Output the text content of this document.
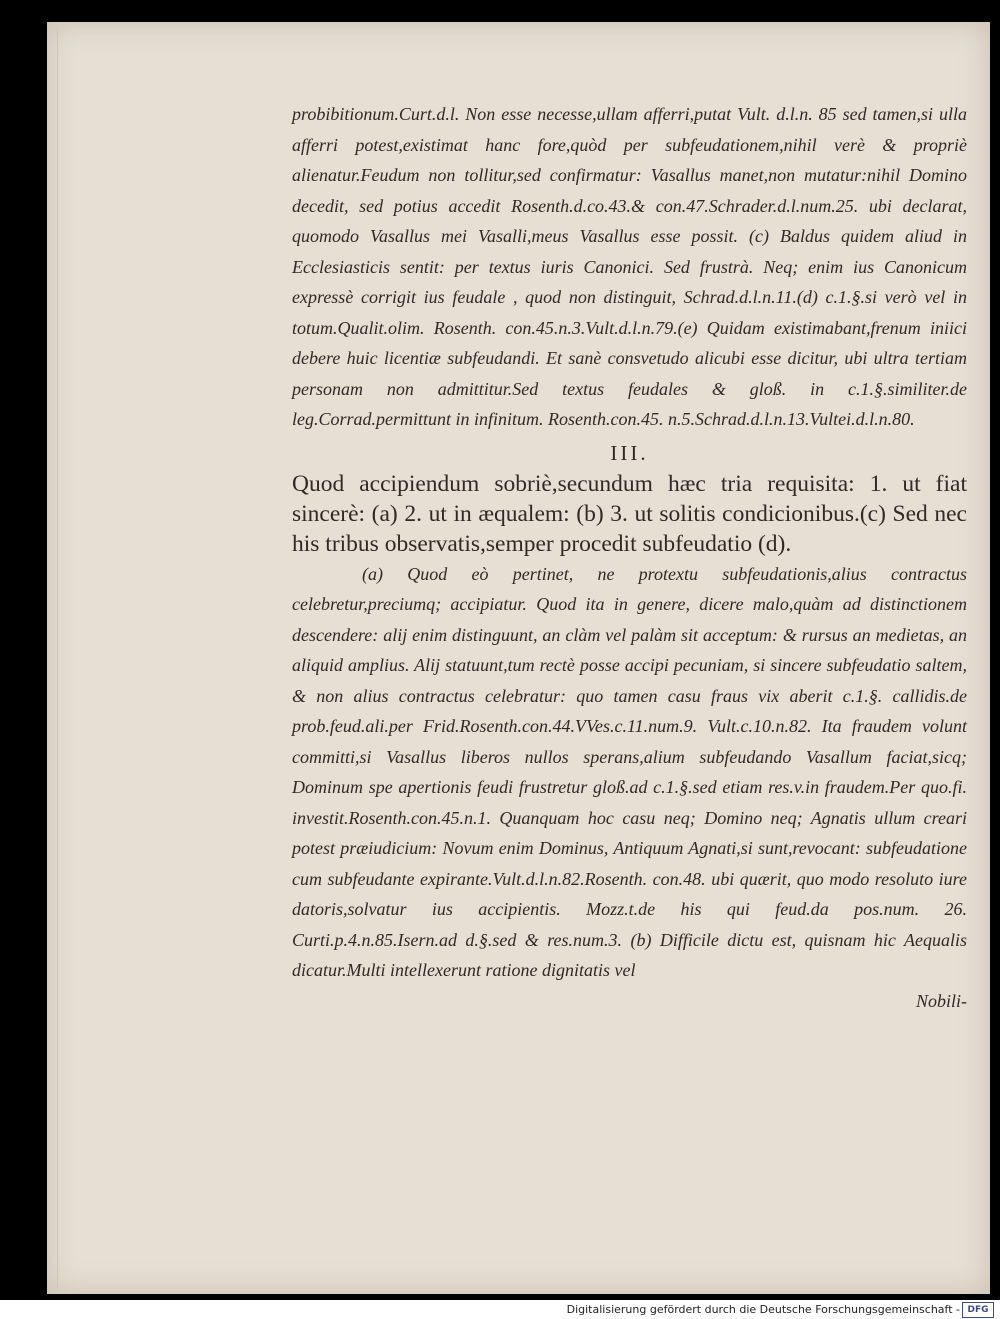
probibitionum.Curt.d.l. Non esse necesse,ullam afferri,putat Vult. d.l.n. 85 sed tamen,si ulla afferri potest,existimat hanc fore,quòd per subfeudationem,nihil verè & propriè alienatur.Feudum non tollitur,sed confirmatur: Vasallus manet,non mutatur:nihil Domino decedit, sed potius accedit Rosenth.d.co.43.& con.47.Schrader.d.l.num.25. ubi declarat, quomodo Vasallus mei Vasalli,meus Vasallus esse possit. (c) Baldus quidem aliud in Ecclesiasticis sentit: per textus iuris Canonici. Sed frustrà. Neq; enim ius Canonicum expressè corrigit ius feudale , quod non distinguit, Schrad.d.l.n.11.(d) c.1.§.si verò vel in totum.Qualit.olim. Rosenth. con.45.n.3.Vult.d.l.n.79.(e) Quidam existimabant,frenum iniici debere huic licentiæ subfeudandi. Et sanè consvetudo alicubi esse dicitur, ubi ultra tertiam personam non admittitur.Sed textus feudales & gloß. in c.1.§.similiter.de leg.Corrad.permittunt in infinitum. Rosenth.con.45. n.5.Schrad.d.l.n.13.Vultei.d.l.n.80.

III.

Quod accipiendum sobriè,secundum hæc tria requisita: 1. ut fiat sincerè: (a) 2. ut in æqualem: (b) 3. ut solitis condicionibus.(c) Sed nec his tribus observatis,semper procedit subfeudatio (d).

(a) Quod eò pertinet, ne protextu subfeudationis,alius contractus celebretur,preciumq; accipiatur. Quod ita in genere, dicere malo,quàm ad distinctionem descendere: alij enim distinguunt, an clàm vel palàm sit acceptum: & rursus an medietas, an aliquid amplius. Alij statuunt,tum rectè posse accipi pecuniam, si sincere subfeudatio saltem, & non alius contractus celebratur: quo tamen casu fraus vix aberit c.1.§. callidis.de prob.feud.ali.per Frid.Rosenth.con.44.VVes.c.11.num.9. Vult.c.10.n.82. Ita fraudem volunt committi,si Vasallus liberos nullos sperans,alium subfeudando Vasallum faciat,sicq; Dominum spe apertionis feudi frustretur gloß.ad c.1.§.sed etiam res.v.in fraudem.Per quo.fi. investit.Rosenth.con.45.n.1. Quanquam hoc casu neq; Domino neq; Agnatis ullum creari potest præiudicium: Novum enim Dominus, Antiquum Agnati,si sunt,revocant: subfeudatione cum subfeudante expirante.Vult.d.l.n.82.Rosenth. con.48. ubi quærit, quo modo resoluto iure datoris,solvatur ius accipientis. Mozz.t.de his qui feud.da pos.num. 26. Curti.p.4.n.85.Isern.ad d.§.sed & res.num.3. (b) Difficile dictu est, quisnam hic Aequalis dicatur.Multi intellexerunt ratione dignitatis vel

Nobili-

Digitalisierung gefördert durch die Deutsche Forschungsgemeinschaft - DFG
